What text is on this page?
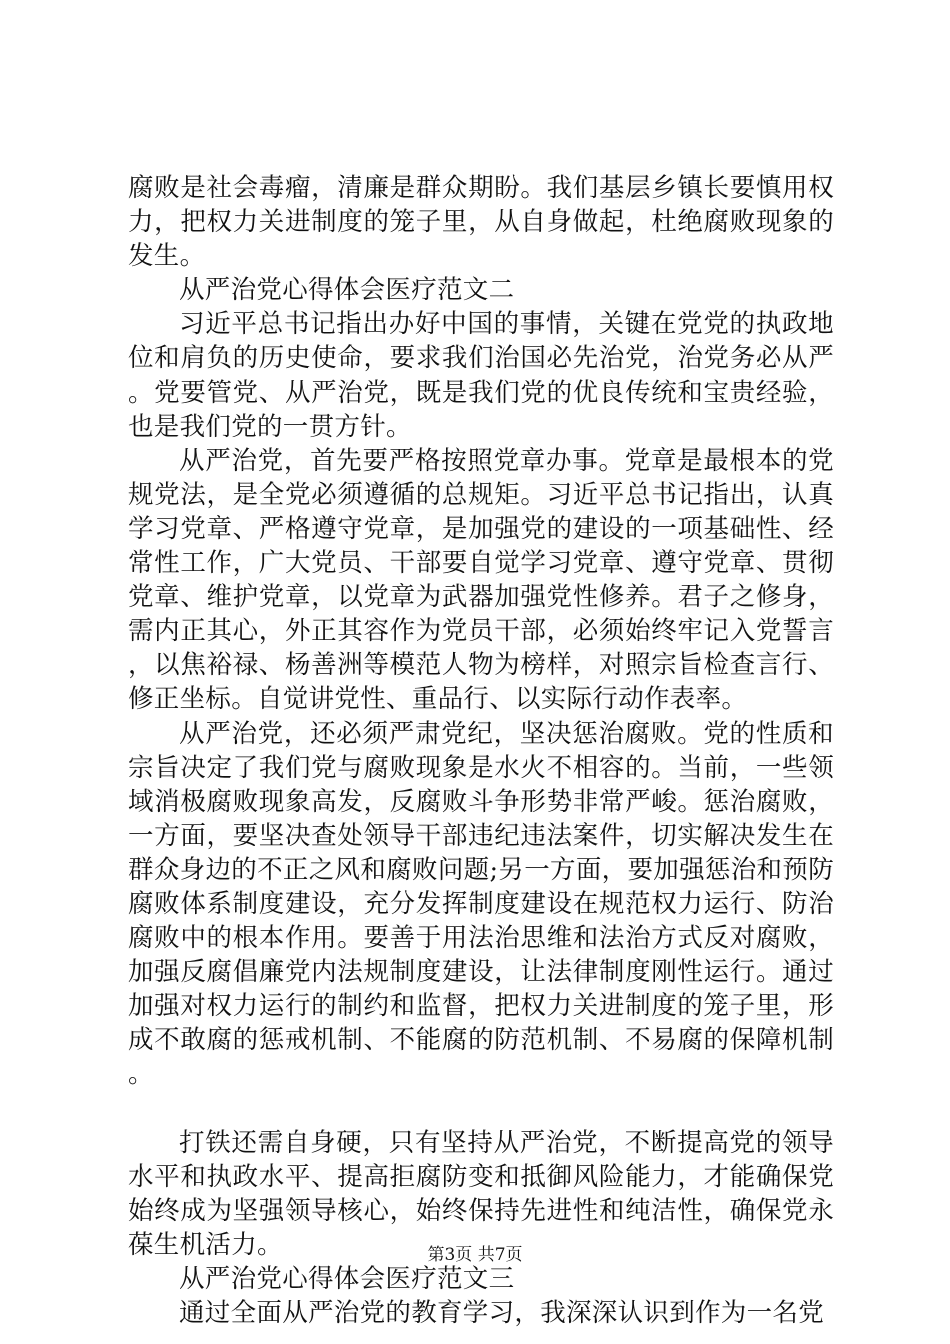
腐败是社会毒瘤，清廉是群众期盼。我们基层乡镇长要慎用权力，把权力关进制度的笼子里，从自身做起，杜绝腐败现象的发生。

从严治党心得体会医疗范文二

习近平总书记指出办好中国的事情，关键在党党的执政地位和肩负的历史使命，要求我们治国必先治党，治党务必从严。党要管党、从严治党，既是我们党的优良传统和宝贵经验，也是我们党的一贯方针。

从严治党，首先要严格按照党章办事。党章是最根本的党规党法，是全党必须遵循的总规矩。习近平总书记指出，认真学习党章、严格遵守党章，是加强党的建设的一项基础性、经常性工作，广大党员、干部要自觉学习党章、遵守党章、贯彻党章、维护党章，以党章为武器加强党性修养。君子之修身，需内正其心，外正其容作为党员干部，必须始终牢记入党誓言，以焦裕禄、杨善洲等模范人物为榜样，对照宗旨检查言行、修正坐标。自觉讲党性、重品行、以实际行动作表率。

从严治党，还必须严肃党纪，坚决惩治腐败。党的性质和宗旨决定了我们党与腐败现象是水火不相容的。当前，一些领域消极腐败现象高发，反腐败斗争形势非常严峻。惩治腐败，一方面，要坚决查处领导干部违纪违法案件，切实解决发生在群众身边的不正之风和腐败问题;另一方面，要加强惩治和预防腐败体系制度建设，充分发挥制度建设在规范权力运行、防治腐败中的根本作用。要善于用法治思维和法治方式反对腐败，加强反腐倡廉党内法规制度建设，让法律制度刚性运行。通过加强对权力运行的制约和监督，把权力关进制度的笼子里，形成不敢腐的惩戒机制、不能腐的防范机制、不易腐的保障机制。

打铁还需自身硬，只有坚持从严治党，不断提高党的领导水平和执政水平、提高拒腐防变和抵御风险能力，才能确保党始终成为坚强领导核心，始终保持先进性和纯洁性，确保党永葆生机活力。

从严治党心得体会医疗范文三

通过全面从严治党的教育学习，我深深认识到作为一名党

第3页 共7页
